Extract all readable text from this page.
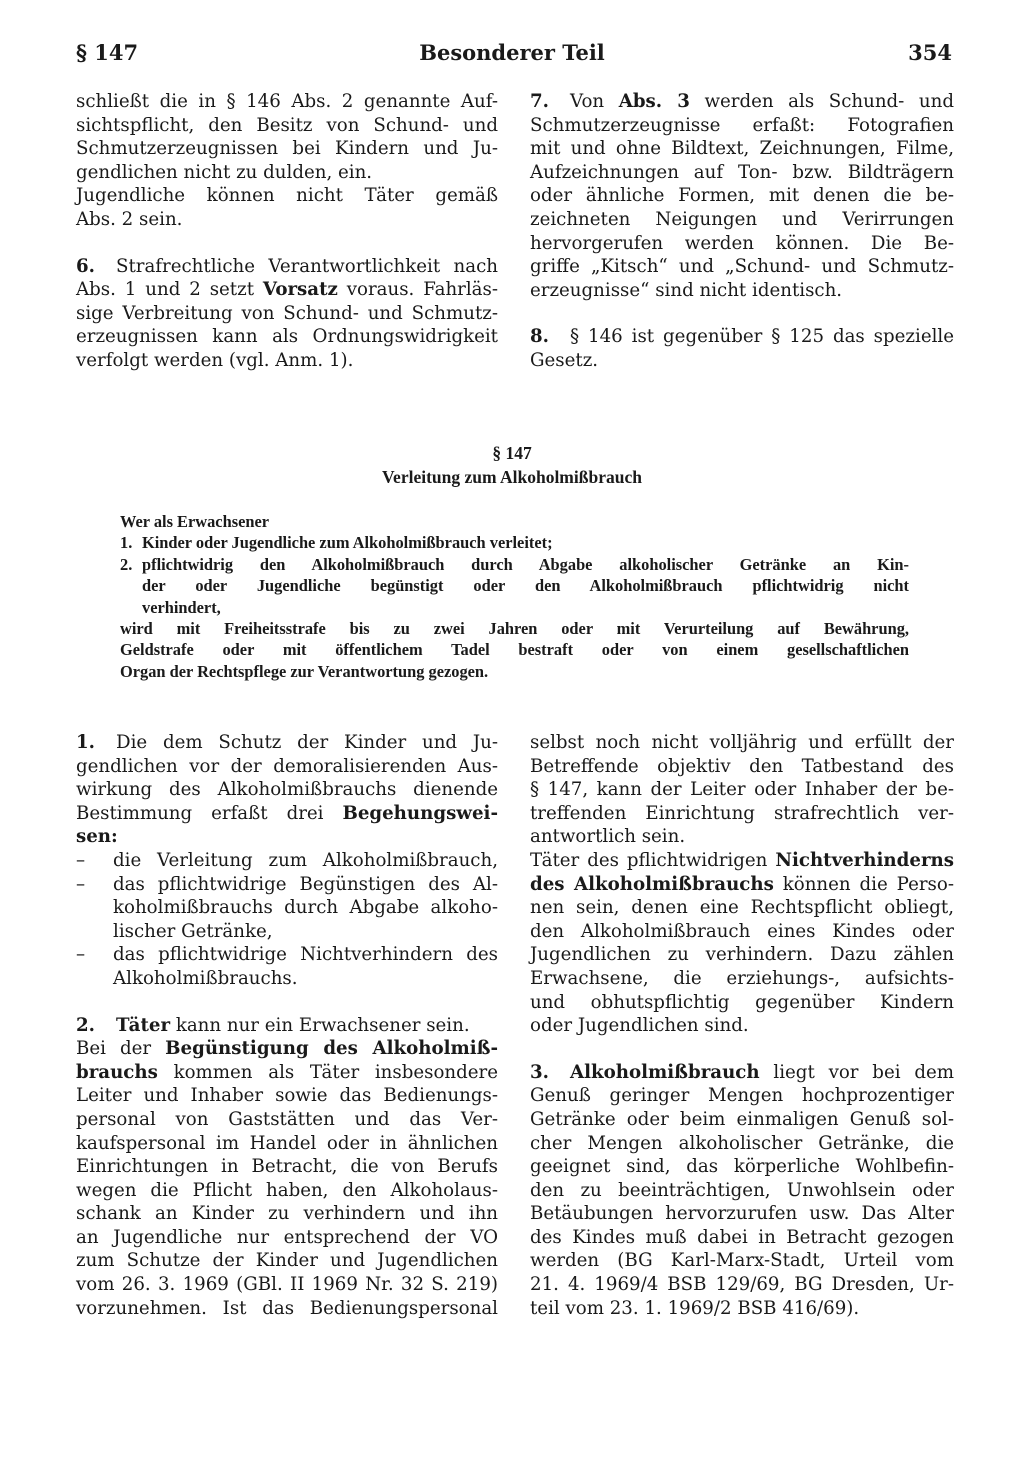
§ 147	Besonderer Teil	354

schließt die in § 146 Abs. 2 genannte Auf-
sichtspflicht, den Besitz von Schund- und
Schmutzerzeugnissen bei Kindern und Ju-
gendlichen nicht zu dulden, ein.

Jugendliche können nicht Täter gemäß
Abs. 2 sein.

6. Strafrechtliche Verantwortlichkeit nach
Abs. 1 und 2 setzt Vorsatz voraus. Fahrläs-
sige Verbreitung von Schund- und Schmutz-
erzeugnissen kann als Ordnungswidrigkeit
verfolgt werden (vgl. Anm. 1).

7. Von Abs. 3 werden als Schund- und
Schmutzerzeugnisse erfaßt: Fotografien
mit und ohne Bildtext, Zeichnungen, Filme,
Aufzeichnungen auf Ton- bzw. Bildträgern
oder ähnliche Formen, mit denen die be-
zeichneten Neigungen und Verirrungen
hervorgerufen werden können. Die Be-
griffe „Kitsch“ und „Schund- und Schmutz-
erzeugnisse“ sind nicht identisch.

8. § 146 ist gegenüber § 125 das spezielle
Gesetz.

§ 147
Verleitung zum Alkoholmißbrauch
Wer als Erwachsener
1. Kinder oder Jugendliche zum Alkoholmißbrauch verleitet;
2. pflichtwidrig den Alkoholmißbrauch durch Abgabe alkoholischer Getränke an Kin-
der oder Jugendliche begünstigt oder den Alkoholmißbrauch pflichtwidrig nicht
verhindert,
wird mit Freiheitsstrafe bis zu zwei Jahren oder mit Verurteilung auf Bewährung,
Geldstrafe oder mit öffentlichem Tadel bestraft oder von einem gesellschaftlichen
Organ der Rechtspflege zur Verantwortung gezogen.

1. Die dem Schutz der Kinder und Ju-
gendlichen vor der demoralisierenden Aus-
wirkung des Alkoholmißbrauchs dienende
Bestimmung erfaßt drei Begehungswei-
sen:
– die Verleitung zum Alkoholmißbrauch,
– das pflichtwidrige Begünstigen des Al-
koholmißbrauchs durch Abgabe alkoho-
lischer Getränke,
– das pflichtwidrige Nichtverhindern des
Alkoholmißbrauchs.

2. Täter kann nur ein Erwachsener sein.
Bei der Begünstigung des Alkoholmiß-
brauchs kommen als Täter insbesondere
Leiter und Inhaber sowie das Bedienungs-
personal von Gaststätten und das Ver-
kaufspersonal im Handel oder in ähnlichen
Einrichtungen in Betracht, die von Berufs
wegen die Pflicht haben, den Alkoholaus-
schank an Kinder zu verhindern und ihn
an Jugendliche nur entsprechend der VO
zum Schutze der Kinder und Jugendlichen
vom 26. 3. 1969 (GBl. II 1969 Nr. 32 S. 219)
vorzunehmen. Ist das Bedienungspersonal

selbst noch nicht volljährig und erfüllt der
Betreffende objektiv den Tatbestand des
§ 147, kann der Leiter oder Inhaber der be-
treffenden Einrichtung strafrechtlich ver-
antwortlich sein.

Täter des pflichtwidrigen Nichtverhinderns
des Alkoholmißbrauchs können die Perso-
nen sein, denen eine Rechtspflicht obliegt,
den Alkoholmißbrauch eines Kindes oder
Jugendlichen zu verhindern. Dazu zählen
Erwachsene, die erziehungs-, aufsichts-
und obhutspflichtig gegenüber Kindern
oder Jugendlichen sind.

3. Alkoholmißbrauch liegt vor bei dem
Genuß geringer Mengen hochprozentiger
Getränke oder beim einmaligen Genuß sol-
cher Mengen alkoholischer Getränke, die
geeignet sind, das körperliche Wohlbefin-
den zu beeinträchtigen, Unwohlsein oder
Betäubungen hervorzurufen usw. Das Alter
des Kindes muß dabei in Betracht gezogen
werden (BG Karl-Marx-Stadt, Urteil vom
21. 4. 1969/4 BSB 129/69, BG Dresden, Ur-
teil vom 23. 1. 1969/2 BSB 416/69).
